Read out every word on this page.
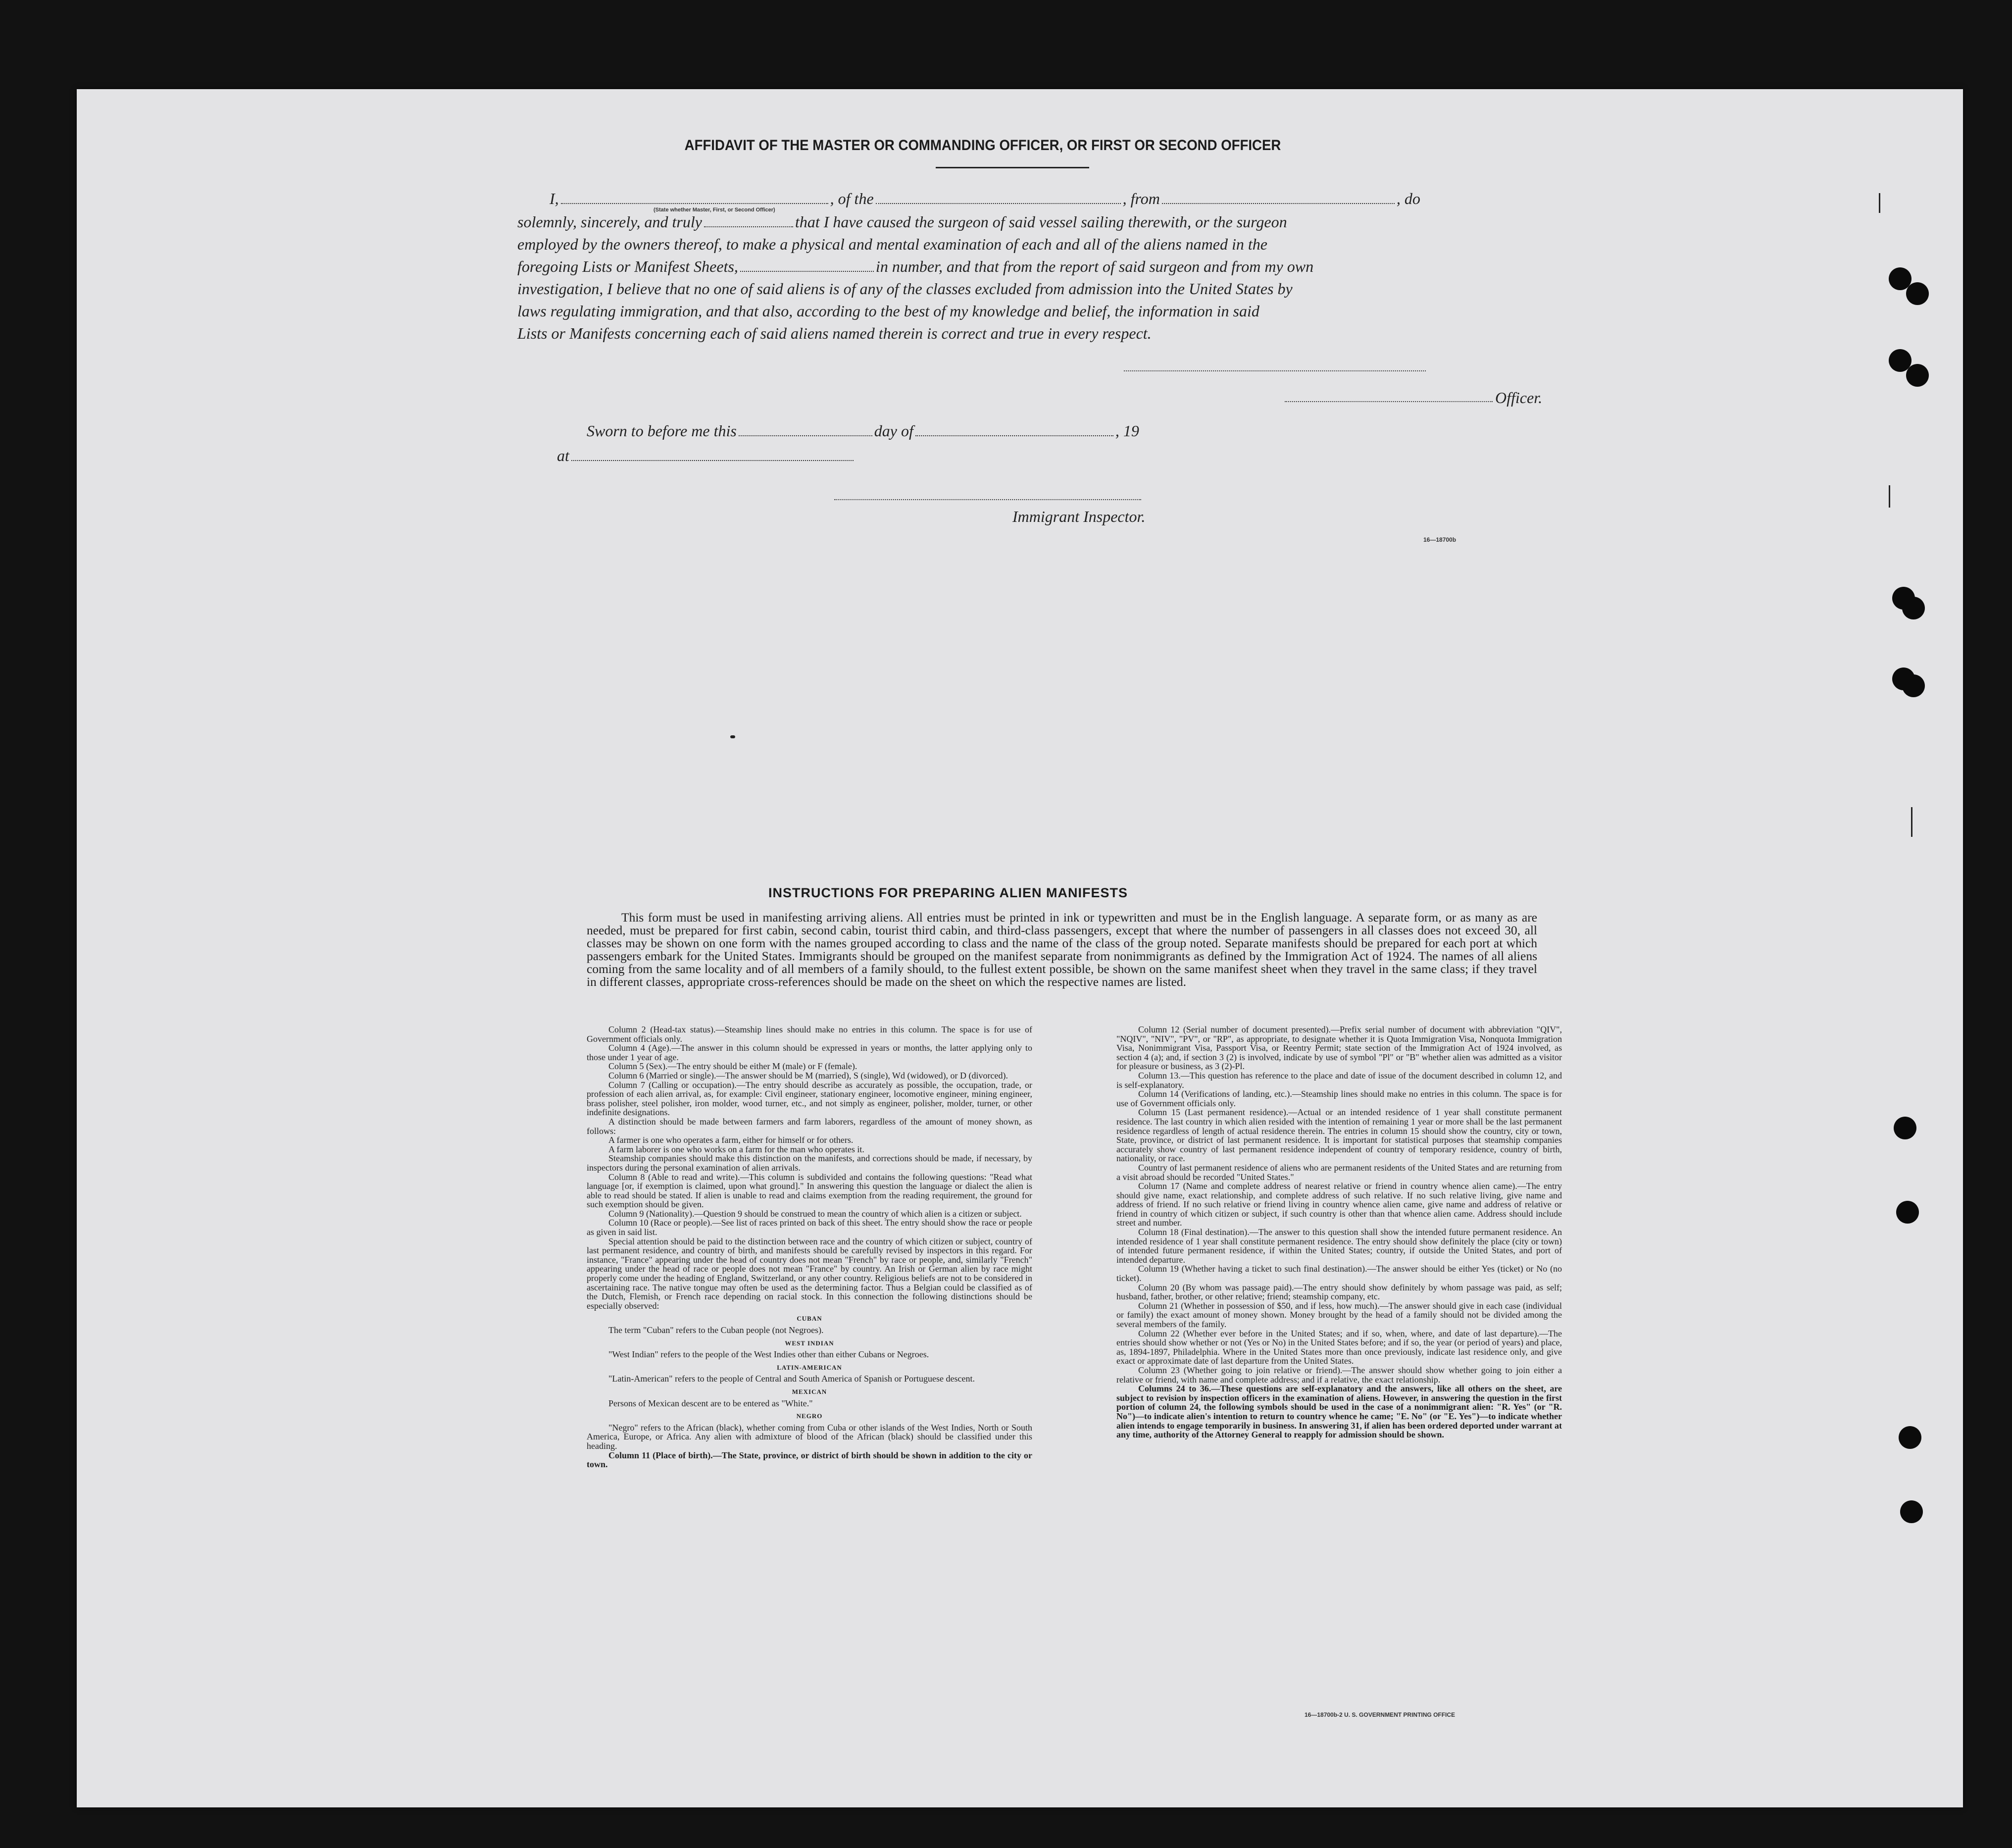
AFFIDAVIT OF THE MASTER OR COMMANDING OFFICER, OR FIRST OR SECOND OFFICER
I,	, of the	, from	, do
(State whether Master, First, or Second Officer)
solemnly, sincerely, and truly	that I have caused the surgeon of said vessel sailing therewith, or the surgeon
employed by the owners thereof, to make a physical and mental examination of each and all of the aliens named in the
foregoing Lists or Manifest Sheets,	in number, and that from the report of said surgeon and from my own
investigation, I believe that no one of said aliens is of any of the classes excluded from admission into the United States by
laws regulating immigration, and that also, according to the best of my knowledge and belief, the information in said
Lists or Manifests concerning each of said aliens named therein is correct and true in every respect.
Officer.
Sworn to before me this	day of	, 19
at
Immigrant Inspector.
16—18700b
INSTRUCTIONS FOR PREPARING ALIEN MANIFESTS
This form must be used in manifesting arriving aliens. All entries must be printed in ink or typewritten and must be in the English language. A separate form, or as many as are needed, must be prepared for first cabin, second cabin, tourist third cabin, and third-class passengers, except that where the number of passengers in all classes does not exceed 30, all classes may be shown on one form with the names grouped according to class and the name of the class of the group noted. Separate manifests should be prepared for each port at which passengers embark for the United States. Immigrants should be grouped on the manifest separate from nonimmigrants as defined by the Immigration Act of 1924. The names of all aliens coming from the same locality and of all members of a family should, to the fullest extent possible, be shown on the same manifest sheet when they travel in the same class; if they travel in different classes, appropriate cross-references should be made on the sheet on which the respective names are listed.

Column 2 (Head-tax status).—Steamship lines should make no entries in this column. The space is for use of Government officials only.

Column 4 (Age).—The answer in this column should be expressed in years or months, the latter applying only to those under 1 year of age.

Column 5 (Sex).—The entry should be either M (male) or F (female).

Column 6 (Married or single).—The answer should be M (married), S (single), Wd (widowed), or D (divorced).

Column 7 (Calling or occupation).—The entry should describe as accurately as possible, the occupation, trade, or profession of each alien arrival, as, for example: Civil engineer, stationary engineer, locomotive engineer, mining engineer, brass polisher, steel polisher, iron molder, wood turner, etc., and not simply as engineer, polisher, molder, turner, or other indefinite designations.

A distinction should be made between farmers and farm laborers, regardless of the amount of money shown, as follows:

A farmer is one who operates a farm, either for himself or for others.

A farm laborer is one who works on a farm for the man who operates it.

Steamship companies should make this distinction on the manifests, and corrections should be made, if necessary, by inspectors during the personal examination of alien arrivals.

Column 8 (Able to read and write).—This column is subdivided and contains the following questions: "Read what language [or, if exemption is claimed, upon what ground]." In answering this question the language or dialect the alien is able to read should be stated. If alien is unable to read and claims exemption from the reading requirement, the ground for such exemption should be given.

Column 9 (Nationality).—Question 9 should be construed to mean the country of which alien is a citizen or subject.

Column 10 (Race or people).—See list of races printed on back of this sheet. The entry should show the race or people as given in said list.

Special attention should be paid to the distinction between race and the country of which citizen or subject, country of last permanent residence, and country of birth, and manifests should be carefully revised by inspectors in this regard. For instance, "France" appearing under the head of country does not mean "French" by race or people, and, similarly "French" appearing under the head of race or people does not mean "France" by country. An Irish or German alien by race might properly come under the heading of England, Switzerland, or any other country. Religious beliefs are not to be considered in ascertaining race. The native tongue may often be used as the determining factor. Thus a Belgian could be classified as of the Dutch, Flemish, or French race depending on racial stock. In this connection the following distinctions should be especially observed:

CUBAN

The term "Cuban" refers to the Cuban people (not Negroes).

WEST INDIAN

"West Indian" refers to the people of the West Indies other than either Cubans or Negroes.

LATIN-AMERICAN

"Latin-American" refers to the people of Central and South America of Spanish or Portuguese descent.

MEXICAN

Persons of Mexican descent are to be entered as "White."

NEGRO

"Negro" refers to the African (black), whether coming from Cuba or other islands of the West Indies, North or South America, Europe, or Africa. Any alien with admixture of blood of the African (black) should be classified under this heading.

Column 11 (Place of birth).—The State, province, or district of birth should be shown in addition to the city or town.

Column 12 (Serial number of document presented).—Prefix serial number of document with abbreviation "QIV", "NQIV", "NIV", "PV", or "RP", as appropriate, to designate whether it is Quota Immigration Visa, Nonquota Immigration Visa, Nonimmigrant Visa, Passport Visa, or Reentry Permit; state section of the Immigration Act of 1924 involved, as section 4 (a); and, if section 3 (2) is involved, indicate by use of symbol "Pl" or "B" whether alien was admitted as a visitor for pleasure or business, as 3 (2)-Pl.

Column 13.—This question has reference to the place and date of issue of the document described in column 12, and is self-explanatory.

Column 14 (Verifications of landing, etc.).—Steamship lines should make no entries in this column. The space is for use of Government officials only.

Column 15 (Last permanent residence).—Actual or an intended residence of 1 year shall constitute permanent residence. The last country in which alien resided with the intention of remaining 1 year or more shall be the last permanent residence regardless of length of actual residence therein. The entries in column 15 should show the country, city or town, State, province, or district of last permanent residence. It is important for statistical purposes that steamship companies accurately show country of last permanent residence independent of country of temporary residence, country of birth, nationality, or race.

Country of last permanent residence of aliens who are permanent residents of the United States and are returning from a visit abroad should be recorded "United States."

Column 17 (Name and complete address of nearest relative or friend in country whence alien came).—The entry should give name, exact relationship, and complete address of such relative. If no such relative living, give name and address of friend. If no such relative or friend living in country whence alien came, give name and address of relative or friend in country of which citizen or subject, if such country is other than that whence alien came. Address should include street and number.

Column 18 (Final destination).—The answer to this question shall show the intended future permanent residence. An intended residence of 1 year shall constitute permanent residence. The entry should show definitely the place (city or town) of intended future permanent residence, if within the United States; country, if outside the United States, and port of intended departure.

Column 19 (Whether having a ticket to such final destination).—The answer should be either Yes (ticket) or No (no ticket).

Column 20 (By whom was passage paid).—The entry should show definitely by whom passage was paid, as self; husband, father, brother, or other relative; friend; steamship company, etc.

Column 21 (Whether in possession of $50, and if less, how much).—The answer should give in each case (individual or family) the exact amount of money shown. Money brought by the head of a family should not be divided among the several members of the family.

Column 22 (Whether ever before in the United States; and if so, when, where, and date of last departure).—The entries should show whether or not (Yes or No) in the United States before; and if so, the year (or period of years) and place, as, 1894-1897, Philadelphia. Where in the United States more than once previously, indicate last residence only, and give exact or approximate date of last departure from the United States.

Column 23 (Whether going to join relative or friend).—The answer should show whether going to join either a relative or friend, with name and complete address; and if a relative, the exact relationship.

Columns 24 to 36.—These questions are self-explanatory and the answers, like all others on the sheet, are subject to revision by inspection officers in the examination of aliens. However, in answering the question in the first portion of column 24, the following symbols should be used in the case of a nonimmigrant alien: "R. Yes" (or "R. No")—to indicate alien's intention to return to country whence he came; "E. No" (or "E. Yes")—to indicate whether alien intends to engage temporarily in business. In answering 31, if alien has been ordered deported under warrant at any time, authority of the Attorney General to reapply for admission should be shown.

16—18700b-2 U. S. GOVERNMENT PRINTING OFFICE
